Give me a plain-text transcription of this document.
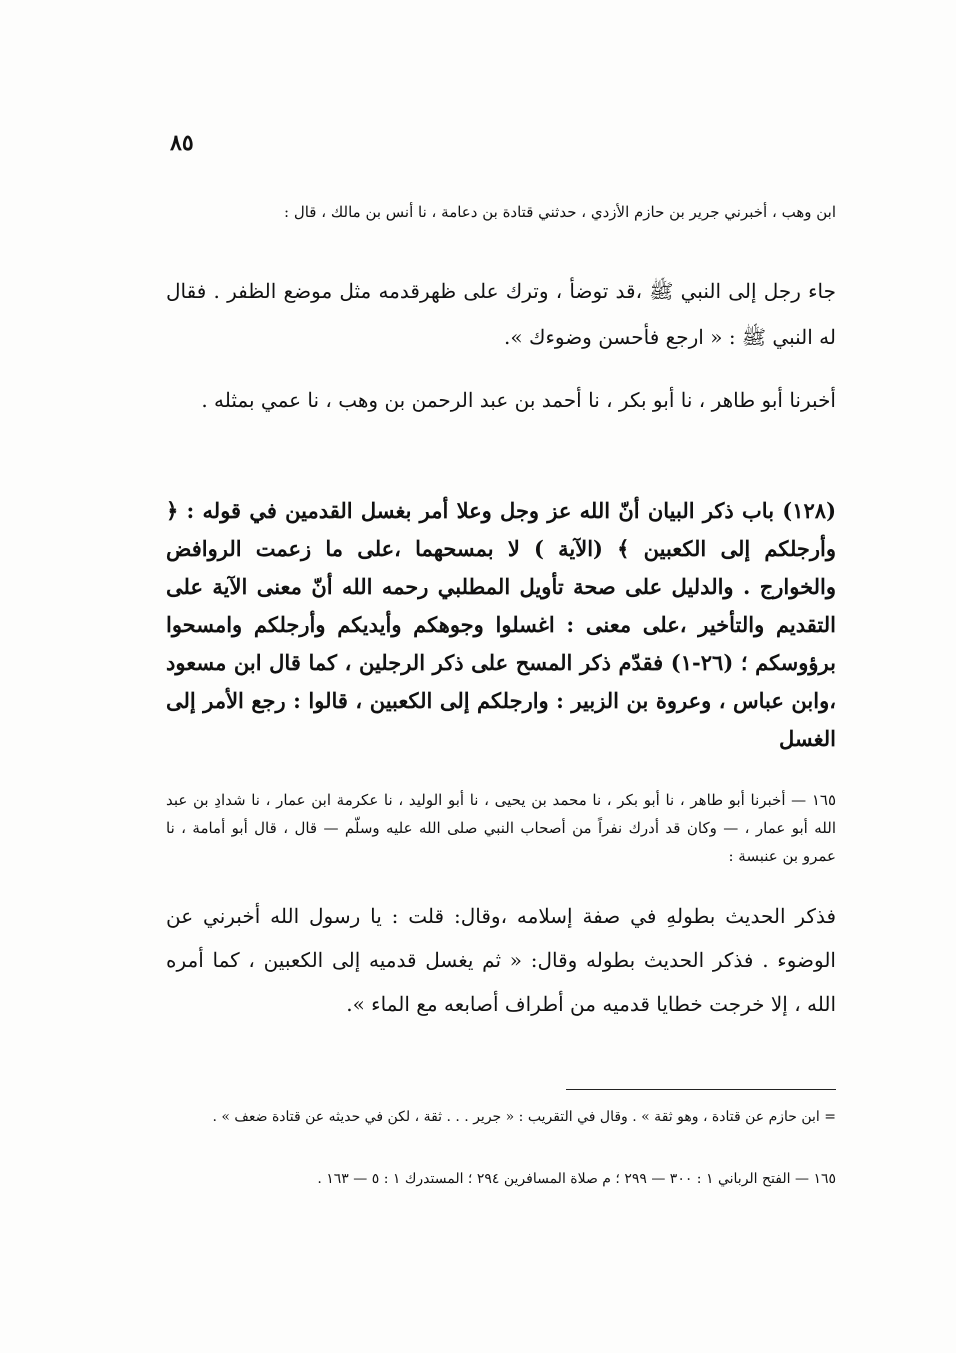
٨٥

ابن وهب ، أخبرني جرير بن حازم الأزدي ، حدثني قتادة بن دعامة ، نا أنس بن مالك ، قال :

جاء رجل إلى النبي ﷺ ،قد توضأ ، وترك على ظهرقدمه مثل موضع الظفر . فقال له النبي ﷺ : « ارجع فأحسن وضوءك ».

أخبرنا أبو طاهر ، نا أبو بكر ، نا أحمد بن عبد الرحمن بن وهب ، نا عمي بمثله .

(١٢٨) باب ذكر البيان أنّ الله عز وجل وعلا أمر بغسل القدمين في قوله : ﴿ وأرجلكم إلى الكعبين ﴾ (الآية ) لا بمسحهما ،على ما زعمت الروافض والخوارج . والدليل على صحة تأويل المطلبي رحمه الله أنّ معنى الآية على التقديم والتأخير ،على معنى : اغسلوا وجوهكم وأيديكم وأرجلكم وامسحوا برؤوسكم ؛ (٢٦-١) فقدّم ذكر المسح على ذكر الرجلين ، كما قال ابن مسعود ،وابن عباس ، وعروة بن الزبير : وارجلكم إلى الكعبين ، قالوا : رجع الأمر إلى الغسل

١٦٥ — أخبرنا أبو طاهر ، نا أبو بكر ، نا محمد بن يحيى ، نا أبو الوليد ، نا عكرمة ابن عمار ، نا شدادِ بن عبد الله أبو عمار ، — وكان قد أدرك نفراً من أصحاب النبي صلى الله عليه وسلّم — قال ، قال أبو أمامة ، نا عمرو بن عنبسة :

فذكر الحديث بطولهِ في صفة إسلامه ،وقال: قلت : يا رسول الله أخبرني عن الوضوء . فذكر الحديث بطوله وقال: « ثم يغسل قدميه إلى الكعبين ، كما أمره الله ، إلا خرجت خطايا قدميه من أطراف أصابعه مع الماء ».

= ابن حازم عن قتادة ، وهو ثقة » . وقال في التقريب : « جرير . . . ثقة ، لكن في حديثه عن قتادة ضعف » .

١٦٥ — الفتح الرباني ١ : ٣٠٠ — ٢٩٩ ؛ م صلاة المسافرين ٢٩٤ ؛ المستدرك ١ : ٥ — ١٦٣ .
